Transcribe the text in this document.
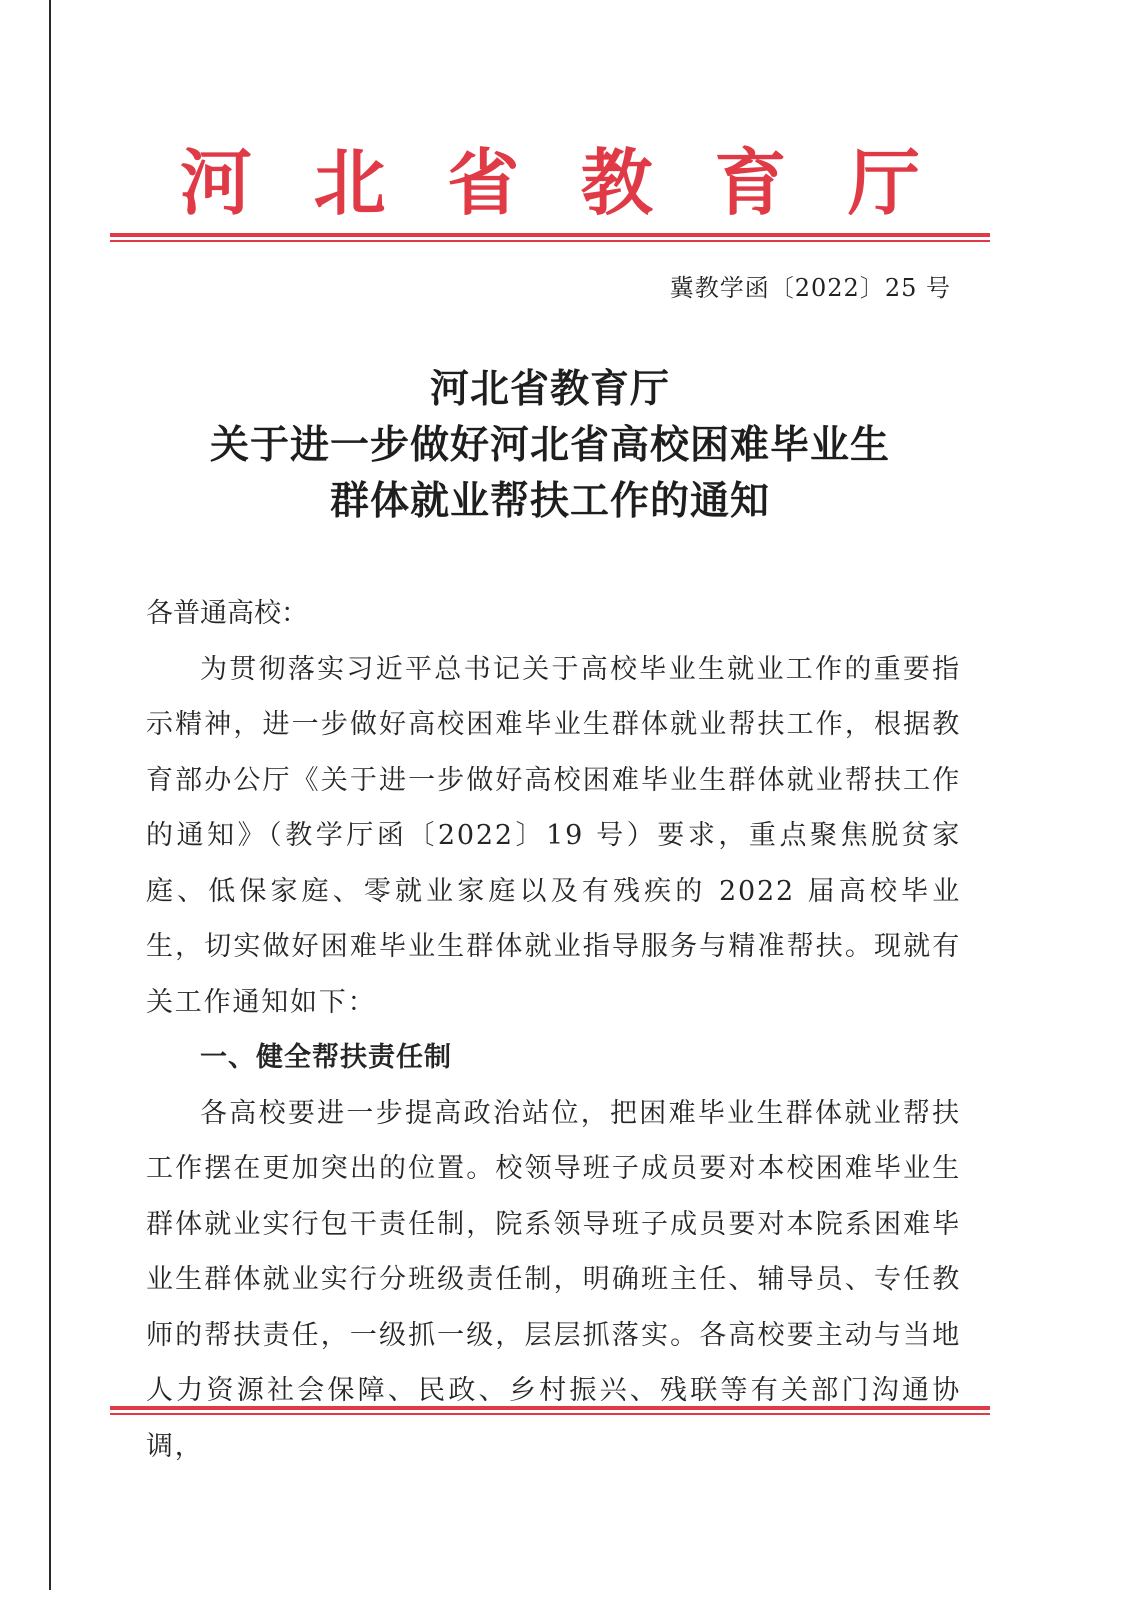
河 北 省 教 育 厅
冀教学函〔2022〕25 号
河北省教育厅
关于进一步做好河北省高校困难毕业生
群体就业帮扶工作的通知

各普通高校：

为贯彻落实习近平总书记关于高校毕业生就业工作的重要指示精神，进一步做好高校困难毕业生群体就业帮扶工作，根据教育部办公厅《关于进一步做好高校困难毕业生群体就业帮扶工作的通知》（教学厅函〔2022〕19 号）要求，重点聚焦脱贫家庭、低保家庭、零就业家庭以及有残疾的 2022 届高校毕业生，切实做好困难毕业生群体就业指导服务与精准帮扶。现就有关工作通知如下：

一、健全帮扶责任制

各高校要进一步提高政治站位，把困难毕业生群体就业帮扶工作摆在更加突出的位置。校领导班子成员要对本校困难毕业生群体就业实行包干责任制，院系领导班子成员要对本院系困难毕业生群体就业实行分班级责任制，明确班主任、辅导员、专任教师的帮扶责任，一级抓一级，层层抓落实。各高校要主动与当地人力资源社会保障、民政、乡村振兴、残联等有关部门沟通协调，
